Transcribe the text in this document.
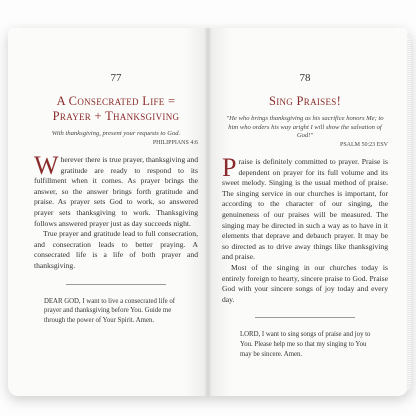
77
A Consecrated Life =
Prayer + Thanksgiving
With thanksgiving, present your requests to God.
PHILIPPIANS 4:6

Wherever there is true prayer, thanksgiving and gratitude are ready to respond to its fulfillment when it comes. As prayer brings the answer, so the answer brings forth gratitude and praise. As prayer sets God to work, so answered prayer sets thanksgiving to work. Thanksgiving follows answered prayer just as day succeeds night.

True prayer and gratitude lead to full consecration, and consecration leads to better praying. A consecrated life is a life of both prayer and thanksgiving.

DEAR GOD, I want to live a consecrated life of prayer and thanksgiving before You. Guide me through the power of Your Spirit. Amen.
78
Sing Praises!
"He who brings thanksgiving as his sacrifice honors Me; to him who orders his way aright I will show the salvation of God!"
PSALM 50:23 ESV

Praise is definitely committed to prayer. Praise is dependent on prayer for its full volume and its sweet melody. Singing is the usual method of praise. The singing service in our churches is important, for according to the character of our singing, the genuineness of our praises will be measured. The singing may be directed in such a way as to have in it elements that deprave and debauch prayer. It may be so directed as to drive away things like thanksgiving and praise.

Most of the singing in our churches today is entirely foreign to hearty, sincere praise to God. Praise God with your sincere songs of joy today and every day.

LORD, I want to sing songs of praise and joy to You. Please help me so that my singing to You may be sincere. Amen.
